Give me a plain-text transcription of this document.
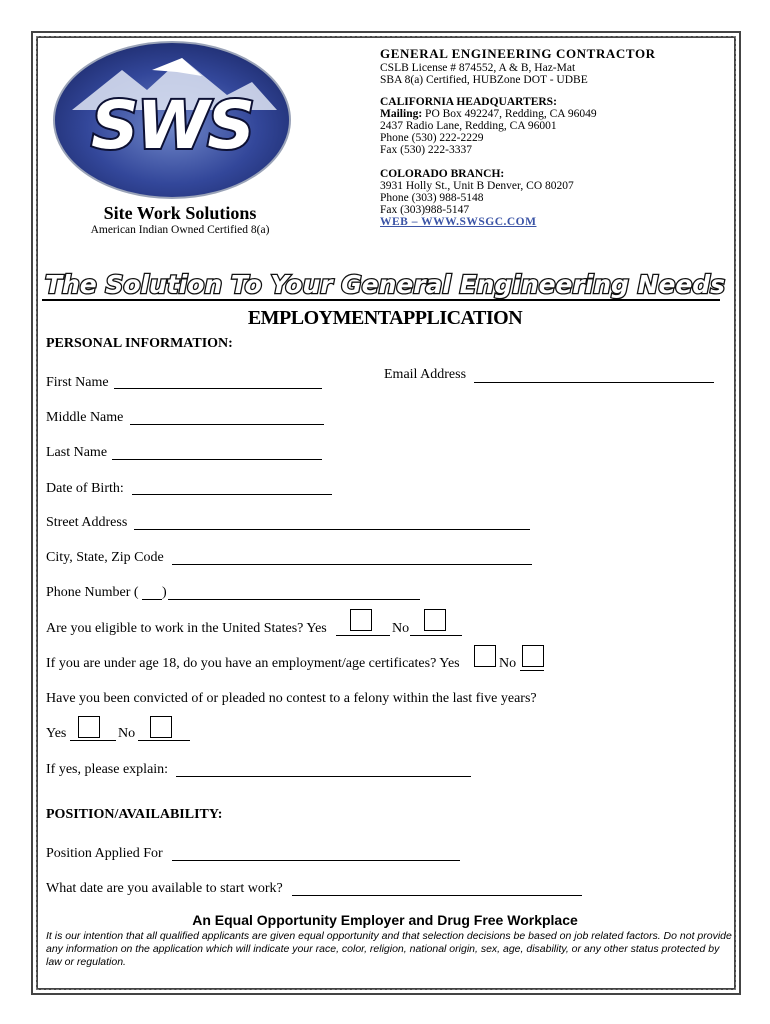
SWS
Site Work Solutions
American Indian Owned Certified 8(a)
GENERAL ENGINEERING CONTRACTOR
CSLB License # 874552, A & B, Haz-Mat
SBA 8(a) Certified, HUBZone DOT - UDBE
CALIFORNIA HEADQUARTERS:
Mailing: PO Box 492247, Redding, CA 96049
2437 Radio Lane, Redding, CA 96001
Phone (530) 222-2229
Fax (530) 222-3337
COLORADO BRANCH:
3931 Holly St., Unit B Denver, CO 80207
Phone (303) 988-5148
Fax (303)988-5147
WEB – WWW.SWSGC.COM
The Solution To Your General Engineering Needs
EMPLOYMENTAPPLICATION
PERSONAL INFORMATION:
First Name
Email Address
Middle Name
Last Name
Date of Birth:
Street Address
City, State, Zip Code
Phone Number ( )
Are you eligible to work in the United States? Yes	No
If you are under age 18, do you have an employment/age certificates? Yes	No
Have you been convicted of or pleaded no contest to a felony within the last five years?
Yes	No
If yes, please explain:
POSITION/AVAILABILITY:
Position Applied For
What date are you available to start work?
An Equal Opportunity Employer and Drug Free Workplace
It is our intention that all qualified applicants are given equal opportunity and that selection decisions be based on job related factors. Do not provide any information on the application which will indicate your race, color, religion, national origin, sex, age, disability, or any other status protected by law or regulation.
